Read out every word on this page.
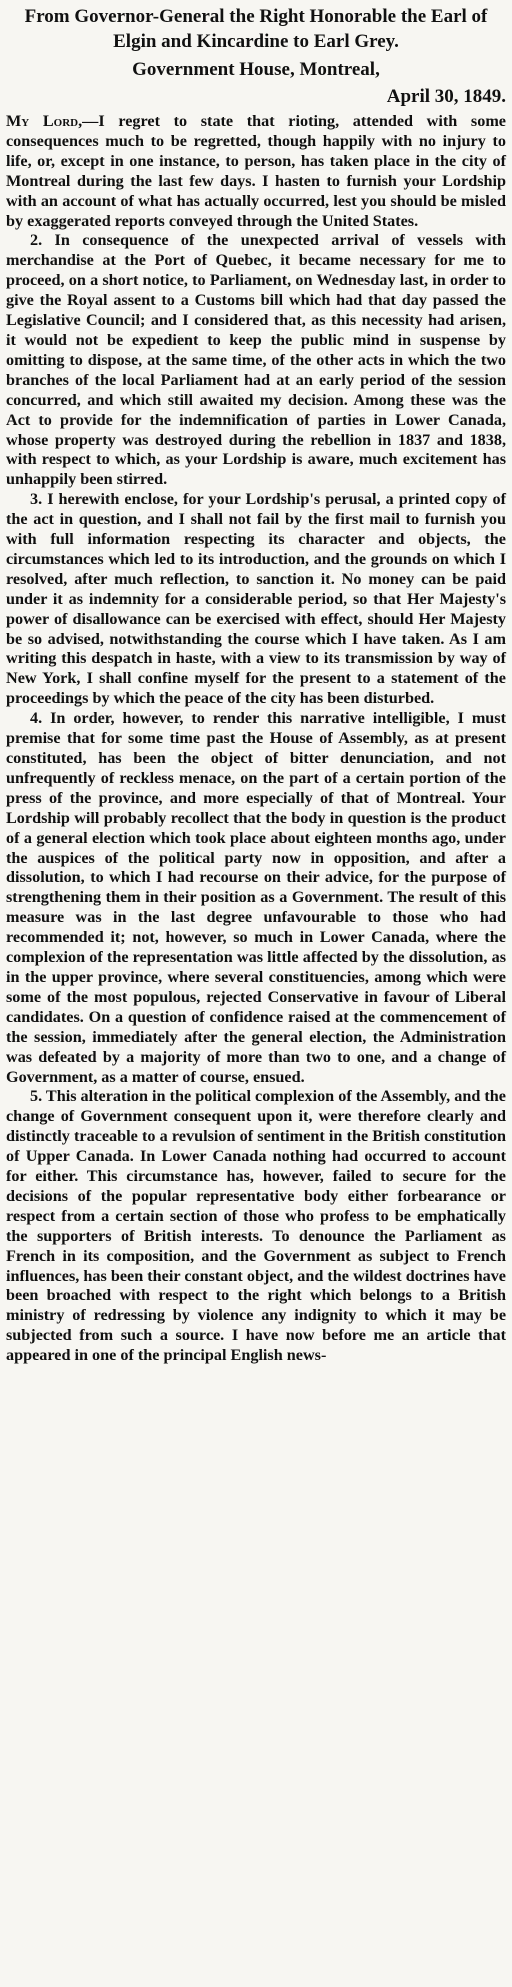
From Governor-General the Right Honorable the Earl of Elgin and Kincardine to Earl Grey.

Government House, Montreal,

April 30, 1849.

My Lord,—I regret to state that rioting, attended with some consequences much to be regretted, though happily with no injury to life, or, except in one instance, to person, has taken place in the city of Montreal during the last few days. I hasten to furnish your Lordship with an account of what has actually occurred, lest you should be misled by exaggerated reports conveyed through the United States.

2. In consequence of the unexpected arrival of vessels with merchandise at the Port of Quebec, it became necessary for me to proceed, on a short notice, to Parliament, on Wednesday last, in order to give the Royal assent to a Customs bill which had that day passed the Legislative Council; and I considered that, as this necessity had arisen, it would not be expedient to keep the public mind in suspense by omitting to dispose, at the same time, of the other acts in which the two branches of the local Parliament had at an early period of the session concurred, and which still awaited my decision. Among these was the Act to provide for the indemnification of parties in Lower Canada, whose property was destroyed during the rebellion in 1837 and 1838, with respect to which, as your Lordship is aware, much excitement has unhappily been stirred.

3. I herewith enclose, for your Lordship's perusal, a printed copy of the act in question, and I shall not fail by the first mail to furnish you with full information respecting its character and objects, the circumstances which led to its introduction, and the grounds on which I resolved, after much reflection, to sanction it. No money can be paid under it as indemnity for a considerable period, so that Her Majesty's power of disallowance can be exercised with effect, should Her Majesty be so advised, notwithstanding the course which I have taken. As I am writing this despatch in haste, with a view to its transmission by way of New York, I shall confine myself for the present to a statement of the proceedings by which the peace of the city has been disturbed.

4. In order, however, to render this narrative intelligible, I must premise that for some time past the House of Assembly, as at present constituted, has been the object of bitter denunciation, and not unfrequently of reckless menace, on the part of a certain portion of the press of the province, and more especially of that of Montreal. Your Lordship will probably recollect that the body in question is the product of a general election which took place about eighteen months ago, under the auspices of the political party now in opposition, and after a dissolution, to which I had recourse on their advice, for the purpose of strengthening them in their position as a Government. The result of this measure was in the last degree unfavourable to those who had recommended it; not, however, so much in Lower Canada, where the complexion of the representation was little affected by the dissolution, as in the upper province, where several constituencies, among which were some of the most populous, rejected Conservative in favour of Liberal candidates. On a question of confidence raised at the commencement of the session, immediately after the general election, the Administration was defeated by a majority of more than two to one, and a change of Government, as a matter of course, ensued.

5. This alteration in the political complexion of the Assembly, and the change of Government consequent upon it, were therefore clearly and distinctly traceable to a revulsion of sentiment in the British constitution of Upper Canada. In Lower Canada nothing had occurred to account for either. This circumstance has, however, failed to secure for the decisions of the popular representative body either forbearance or respect from a certain section of those who profess to be emphatically the supporters of British interests. To denounce the Parliament as French in its composition, and the Government as subject to French influences, has been their constant object, and the wildest doctrines have been broached with respect to the right which belongs to a British ministry of redressing by violence any indignity to which it may be subjected from such a source. I have now before me an article that appeared in one of the principal English news-
